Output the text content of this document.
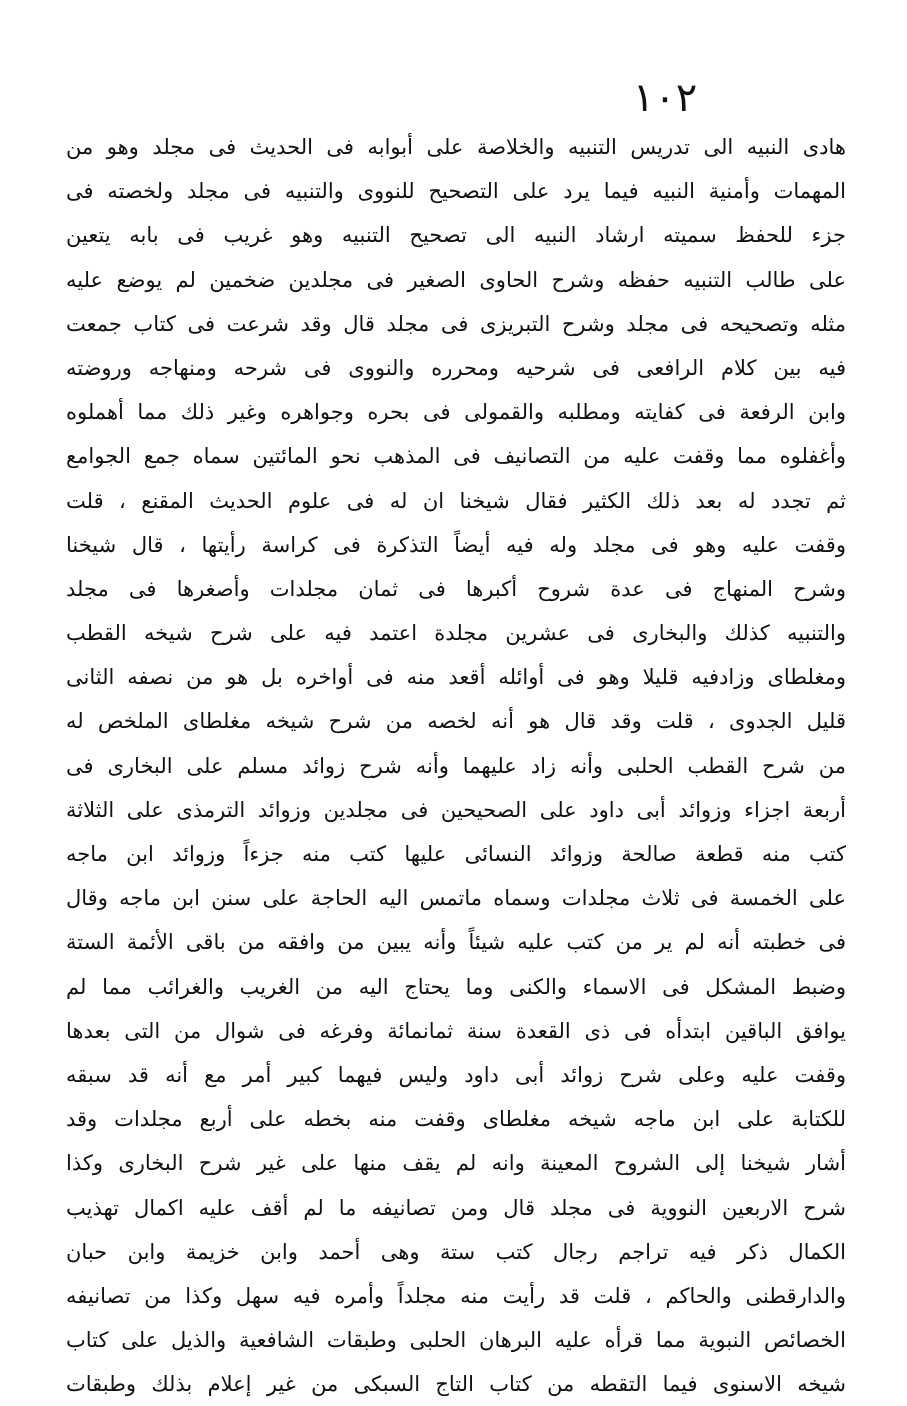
١٠٢
هادى النبيه الى تدريس التنبيه والخلاصة على أبوابه فى الحديث فى مجلد وهو من
المهمات وأمنية النبيه فيما يرد على التصحيح للنووى والتنبيه فى مجلد ولخصته فى
جزء للحفظ سميته ارشاد النبيه الى تصحيح التنبيه وهو غريب فى بابه يتعين
على طالب التنبيه حفظه وشرح الحاوى الصغير فى مجلدين ضخمين لم يوضع عليه
مثله وتصحيحه فى مجلد وشرح التبريزى فى مجلد قال وقد شرعت فى كتاب جمعت
فيه بين كلام الرافعى فى شرحيه ومحرره والنووى فى شرحه ومنهاجه وروضته
وابن الرفعة فى كفايته ومطلبه والقمولى فى بحره وجواهره وغير ذلك مما أهملوه
وأغفلوه مما وقفت عليه من التصانيف فى المذهب نحو المائتين سماه جمع الجوامع
ثم تجدد له بعد ذلك الكثير فقال شيخنا ان له فى علوم الحديث المقنع ، قلت
وقفت عليه وهو فى مجلد وله فيه أيضاً التذكرة فى كراسة رأيتها ، قال شيخنا
وشرح المنهاج فى عدة شروح أكبرها فى ثمان مجلدات وأصغرها فى مجلد
والتنبيه كذلك والبخارى فى عشرين مجلدة اعتمد فيه على شرح شيخه القطب
ومغلطاى وزادفيه قليلا وهو فى أوائله أقعد منه فى أواخره بل هو من نصفه الثانى
قليل الجدوى ، قلت وقد قال هو أنه لخصه من شرح شيخه مغلطاى الملخص له
من شرح القطب الحلبى وأنه زاد عليهما وأنه شرح زوائد مسلم على البخارى فى
أربعة اجزاء وزوائد أبى داود على الصحيحين فى مجلدين وزوائد الترمذى على الثلاثة
كتب منه قطعة صالحة وزوائد النسائى عليها كتب منه جزءاً وزوائد ابن ماجه
على الخمسة فى ثلاث مجلدات وسماه ماتمس اليه الحاجة على سنن ابن ماجه وقال
فى خطبته أنه لم ير من كتب عليه شيئاً وأنه يبين من وافقه من باقى الأئمة الستة
وضبط المشكل فى الاسماء والكنى وما يحتاج اليه من الغريب والغرائب مما لم
يوافق الباقين ابتدأه فى ذى القعدة سنة ثمانمائة وفرغه فى شوال من التى بعدها
وقفت عليه وعلى شرح زوائد أبى داود وليس فيهما كبير أمر مع أنه قد سبقه
للكتابة على ابن ماجه شيخه مغلطاى وقفت منه بخطه على أربع مجلدات وقد
أشار شيخنا إلى الشروح المعينة وانه لم يقف منها على غير شرح البخارى وكذا
شرح الاربعين النووية فى مجلد قال ومن تصانيفه ما لم أقف عليه اكمال تهذيب
الكمال ذكر فيه تراجم رجال كتب ستة وهى أحمد وابن خزيمة وابن حبان
والدارقطنى والحاكم ، قلت قد رأيت منه مجلداً وأمره فيه سهل وكذا من تصانيفه
الخصائص النبوية مما قرأه عليه البرهان الحلبى وطبقات الشافعية والذيل على كتاب
شيخه الاسنوى فيما التقطه من كتاب التاج السبكى من غير إعلام بذلك وطبقات
